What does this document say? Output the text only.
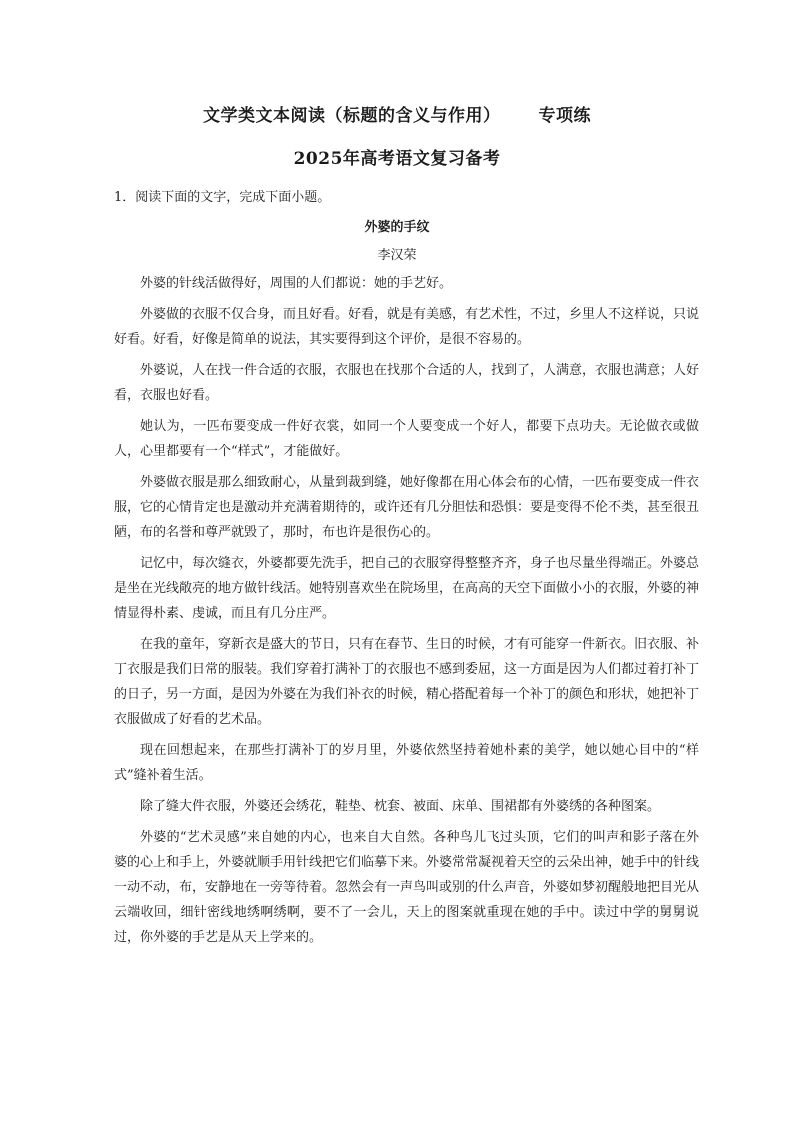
文学类文本阅读（标题的含义与作用） 专项练
2025年高考语文复习备考
1．阅读下面的文字，完成下面小题。
外婆的手纹
李汉荣

外婆的针线活做得好，周围的人们都说：她的手艺好。

外婆做的衣服不仅合身，而且好看。好看，就是有美感，有艺术性，不过，乡里人不这样说，只说好看。好看，好像是简单的说法，其实要得到这个评价，是很不容易的。

外婆说，人在找一件合适的衣服，衣服也在找那个合适的人，找到了，人满意，衣服也满意；人好看，衣服也好看。

她认为，一匹布要变成一件好衣裳，如同一个人要变成一个好人，都要下点功夫。无论做衣或做人，心里都要有一个“样式”，才能做好。

外婆做衣服是那么细致耐心，从量到裁到缝，她好像都在用心体会布的心情，一匹布要变成一件衣服，它的心情肯定也是激动并充满着期待的，或许还有几分胆怯和恐惧：要是变得不伦不类，甚至很丑陋，布的名誉和尊严就毁了，那时，布也许是很伤心的。

记忆中，每次缝衣，外婆都要先洗手，把自己的衣服穿得整整齐齐，身子也尽量坐得端正。外婆总是坐在光线敞亮的地方做针线活。她特别喜欢坐在院场里，在高高的天空下面做小小的衣服，外婆的神情显得朴素、虔诚，而且有几分庄严。

在我的童年，穿新衣是盛大的节日，只有在春节、生日的时候，才有可能穿一件新衣。旧衣服、补丁衣服是我们日常的服装。我们穿着打满补丁的衣服也不感到委屈，这一方面是因为人们都过着打补丁的日子，另一方面，是因为外婆在为我们补衣的时候，精心搭配着每一个补丁的颜色和形状，她把补丁衣服做成了好看的艺术品。

现在回想起来，在那些打满补丁的岁月里，外婆依然坚持着她朴素的美学，她以她心目中的“样式”缝补着生活。

除了缝大件衣服，外婆还会绣花，鞋垫、枕套、被面、床单、围裙都有外婆绣的各种图案。

外婆的“艺术灵感”来自她的内心，也来自大自然。各种鸟儿飞过头顶，它们的叫声和影子落在外婆的心上和手上，外婆就顺手用针线把它们临摹下来。外婆常常凝视着天空的云朵出神，她手中的针线一动不动，布，安静地在一旁等待着。忽然会有一声鸟叫或别的什么声音，外婆如梦初醒般地把目光从云端收回，细针密线地绣啊绣啊，要不了一会儿，天上的图案就重现在她的手中。读过中学的舅舅说过，你外婆的手艺是从天上学来的。
